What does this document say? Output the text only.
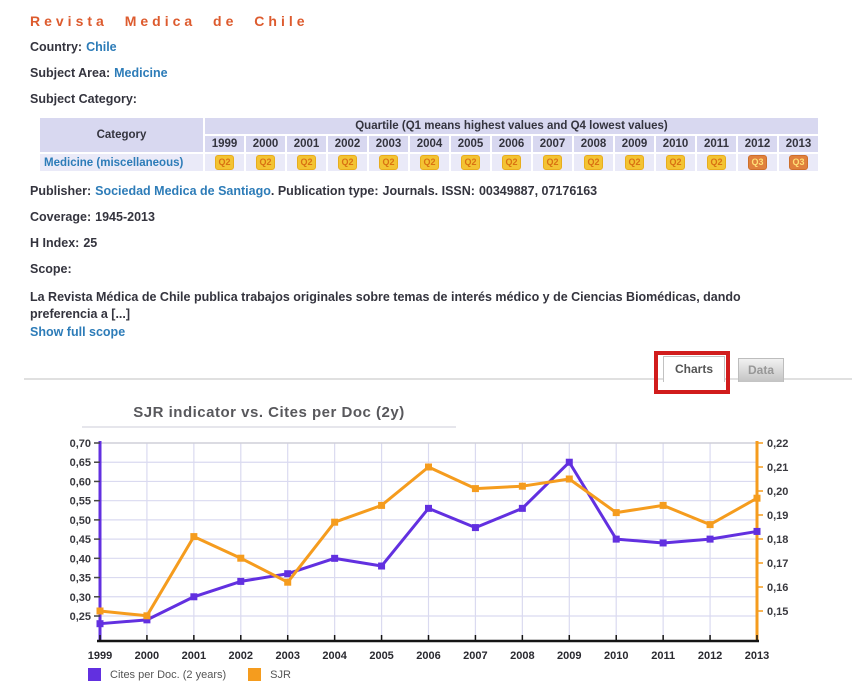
Revista Medica de Chile
Country: Chile
Subject Area: Medicine
Subject Category:
Category	Quartile (Q1 means highest values and Q4 lowest values)														
	1999	2000	2001	2002	2003	2004	2005	2006	2007	2008	2009	2010	2011	2012	2013
Medicine (miscellaneous)	Q2	Q2	Q2	Q2	Q2	Q2	Q2	Q2	Q2	Q2	Q2	Q2	Q2	Q3	Q3
Publisher: Sociedad Medica de Santiago. Publication type: Journals. ISSN: 00349887, 07176163
Coverage: 1945-2013
H Index: 25
Scope:

La Revista Médica de Chile publica trabajos originales sobre temas de interés médico y de Ciencias Biomédicas, dando preferencia a [...]

Show full scope
Charts	Data
SJR indicator vs. Cites per Doc (2y)
0,70
0,65
0,60
0,55
0,50
0,45
0,40
0,35
0,30
0,25
0,22
0,21
0,20
0,19
0,18
0,17
0,16
0,15
1999 2000 2001 2002 2003 2004 2005 2006 2007 2008 2009 2010 2011 2012 2013
Cites per Doc. (2 years)	SJR
